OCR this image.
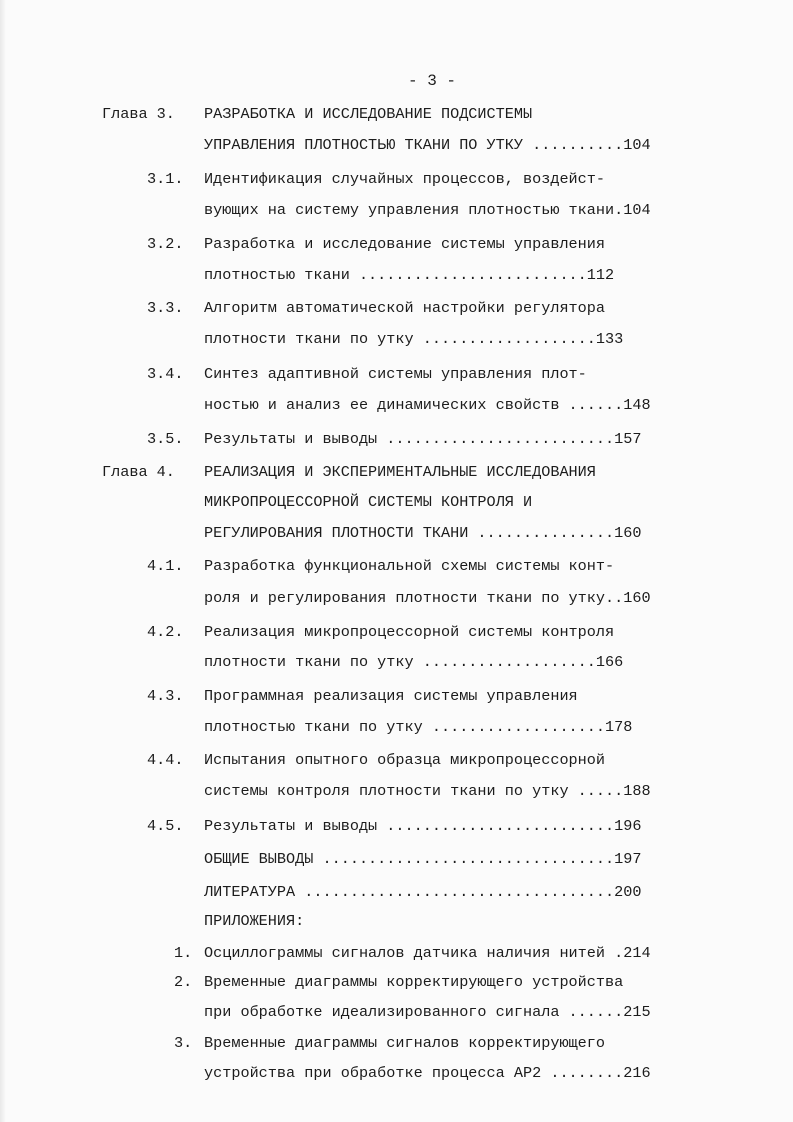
- 3 -
Глава 3. РАЗРАБОТКА И ИССЛЕДОВАНИЕ ПОДСИСТЕМЫ
УПРАВЛЕНИЯ ПЛОТНОСТЬЮ ТКАНИ ПО УТКУ ..........104
3.1. Идентификация случайных процессов, воздейст-
вующих на систему управления плотностью ткани.104
3.2. Разработка и исследование системы управления
плотностью ткани .........................112
3.3. Алгоритм автоматической настройки регулятора
плотности ткани по утку ...................133
3.4. Синтез адаптивной системы управления плот-
ностью и анализ ее динамических свойств ......148
3.5. Результаты и выводы .........................157
Глава 4. РЕАЛИЗАЦИЯ И ЭКСПЕРИМЕНТАЛЬНЫЕ ИССЛЕДОВАНИЯ
МИКРОПРОЦЕССОРНОЙ СИСТЕМЫ КОНТРОЛЯ И
РЕГУЛИРОВАНИЯ ПЛОТНОСТИ ТКАНИ ...............160
4.1. Разработка функциональной схемы системы конт-
роля и регулирования плотности ткани по утку..160
4.2. Реализация микропроцессорной системы контроля
плотности ткани по утку ...................166
4.3. Программная реализация системы управления
плотностью ткани по утку ...................178
4.4. Испытания опытного образца микропроцессорной
системы контроля плотности ткани по утку .....188
4.5. Результаты и выводы .........................196
ОБЩИЕ ВЫВОДЫ ................................197
ЛИТЕРАТУРА ..................................200
ПРИЛОЖЕНИЯ:
1. Осциллограммы сигналов датчика наличия нитей .214
2. Временные диаграммы корректирующего устройства
при обработке идеализированного сигнала ......215
3. Временные диаграммы сигналов корректирующего
устройства при обработке процесса АР2 ........216
